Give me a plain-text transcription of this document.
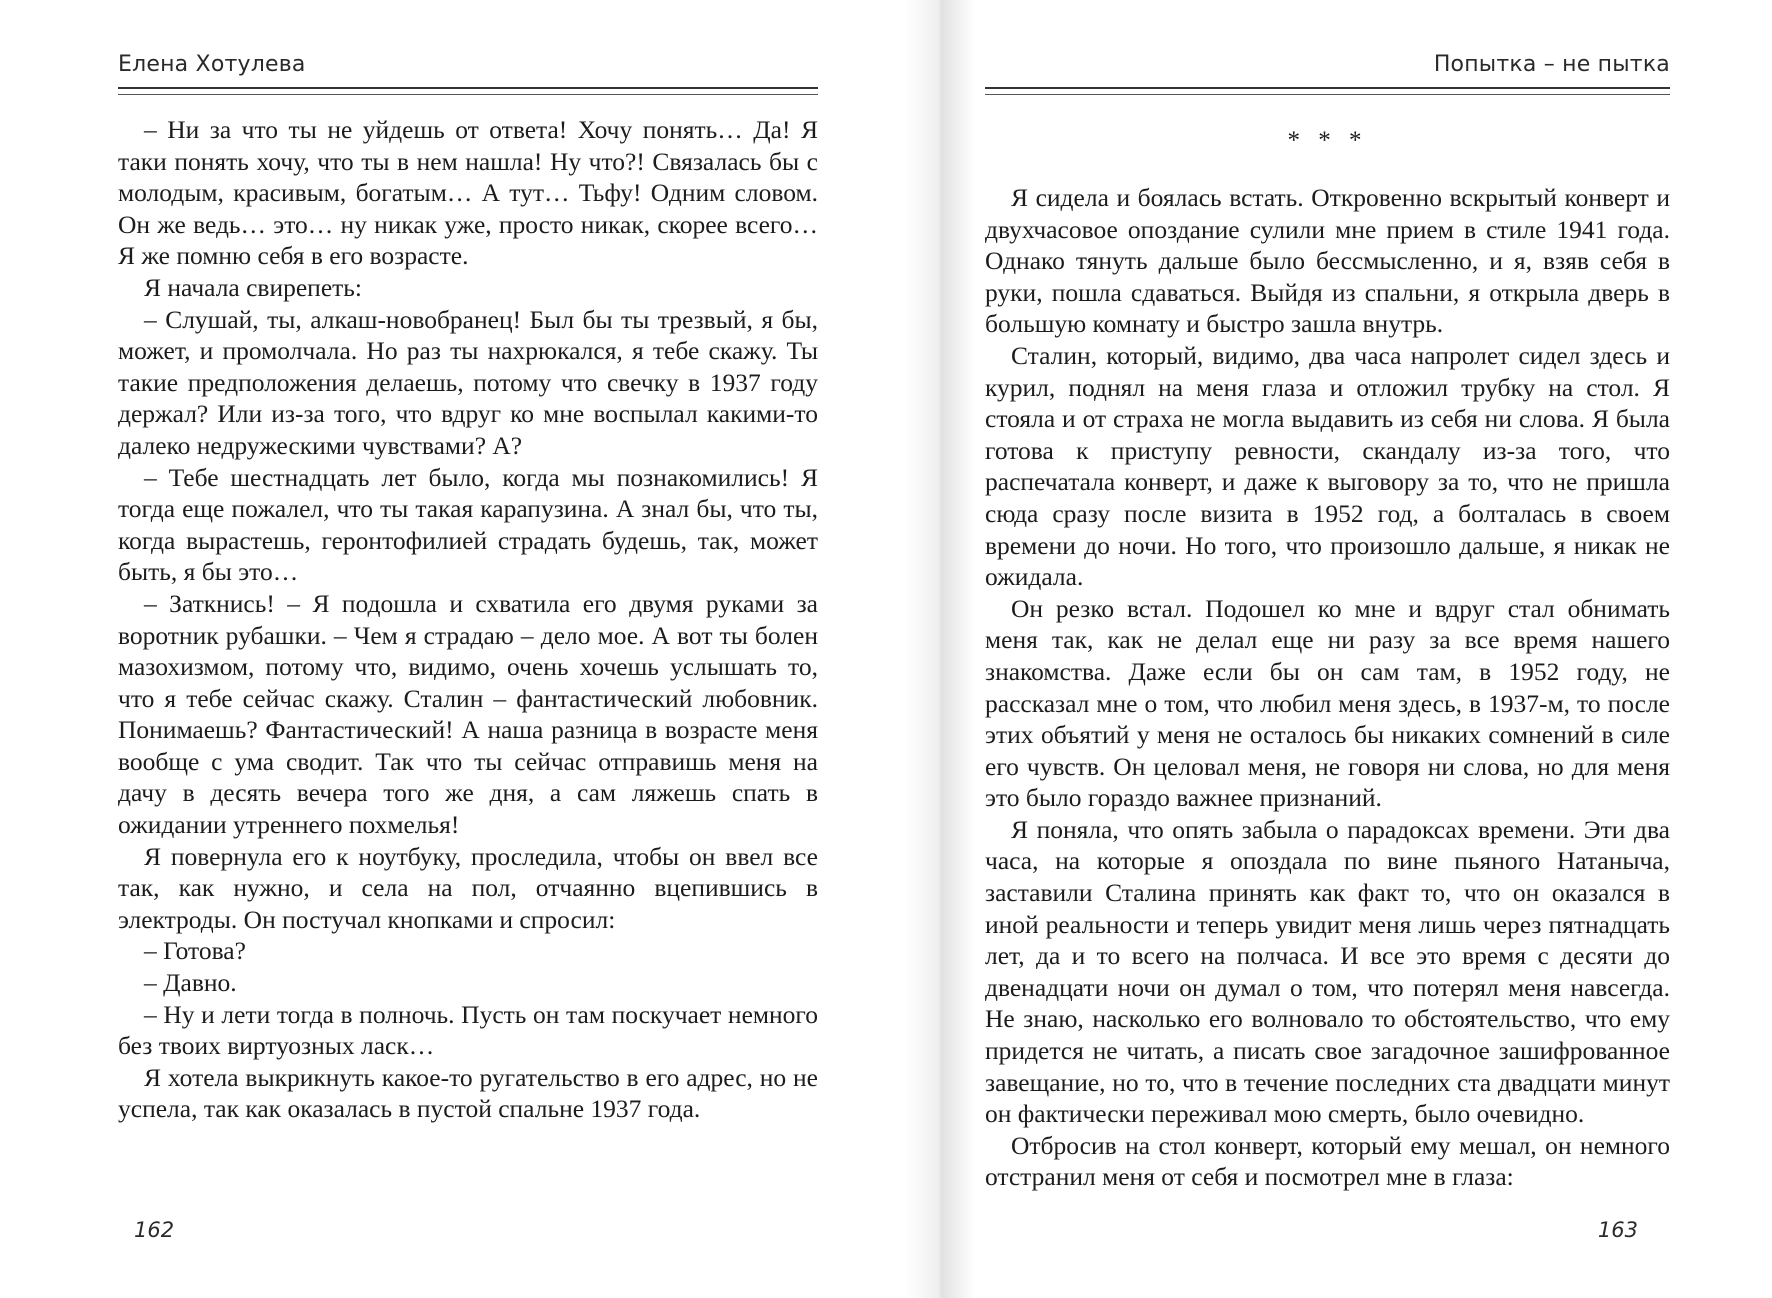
Елена Хотулева

– Ни за что ты не уйдешь от ответа! Хочу понять… Да! Я таки понять хочу, что ты в нем нашла! Ну что?! Связалась бы с молодым, красивым, богатым… А тут… Тьфу! Одним словом. Он же ведь… это… ну никак уже, просто никак, скорее всего… Я же помню себя в его возрасте.

Я начала свирепеть:

– Слушай, ты, алкаш-новобранец! Был бы ты трезвый, я бы, может, и промолчала. Но раз ты нахрюкался, я тебе скажу. Ты такие предположения делаешь, потому что свечку в 1937 году держал? Или из-за того, что вдруг ко мне воспылал какими-то далеко недружескими чувствами? А?

– Тебе шестнадцать лет было, когда мы познакомились! Я тогда еще пожалел, что ты такая карапузина. А знал бы, что ты, когда вырастешь, геронтофилией страдать будешь, так, может быть, я бы это…

– Заткнись! – Я подошла и схватила его двумя руками за воротник рубашки. – Чем я страдаю – дело мое. А вот ты болен мазохизмом, потому что, видимо, очень хочешь услышать то, что я тебе сейчас скажу. Сталин – фантастический любовник. Понимаешь? Фантастический! А наша разница в возрасте меня вообще с ума сводит. Так что ты сейчас отправишь меня на дачу в десять вечера того же дня, а сам ляжешь спать в ожидании утреннего похмелья!

Я повернула его к ноутбуку, проследила, чтобы он ввел все так, как нужно, и села на пол, отчаянно вцепившись в электроды. Он постучал кнопками и спросил:

– Готова?

– Давно.

– Ну и лети тогда в полночь. Пусть он там поскучает немного без твоих виртуозных ласк…

Я хотела выкрикнуть какое-то ругательство в его адрес, но не успела, так как оказалась в пустой спальне 1937 года.

162
Попытка – не пытка

* * *

Я сидела и боялась встать. Откровенно вскрытый конверт и двухчасовое опоздание сулили мне прием в стиле 1941 года. Однако тянуть дальше было бессмысленно, и я, взяв себя в руки, пошла сдаваться. Выйдя из спальни, я открыла дверь в большую комнату и быстро зашла внутрь.

Сталин, который, видимо, два часа напролет сидел здесь и курил, поднял на меня глаза и отложил трубку на стол. Я стояла и от страха не могла выдавить из себя ни слова. Я была готова к приступу ревности, скандалу из-за того, что распечатала конверт, и даже к выговору за то, что не пришла сюда сразу после визита в 1952 год, а болталась в своем времени до ночи. Но того, что произошло дальше, я никак не ожидала.

Он резко встал. Подошел ко мне и вдруг стал обнимать меня так, как не делал еще ни разу за все время нашего знакомства. Даже если бы он сам там, в 1952 году, не рассказал мне о том, что любил меня здесь, в 1937-м, то после этих объятий у меня не осталось бы никаких сомнений в силе его чувств. Он целовал меня, не говоря ни слова, но для меня это было гораздо важнее признаний.

Я поняла, что опять забыла о парадоксах времени. Эти два часа, на которые я опоздала по вине пьяного Натаныча, заставили Сталина принять как факт то, что он оказался в иной реальности и теперь увидит меня лишь через пятнадцать лет, да и то всего на полчаса. И все это время с десяти до двенадцати ночи он думал о том, что потерял меня навсегда. Не знаю, насколько его волновало то обстоятельство, что ему придется не читать, а писать свое загадочное зашифрованное завещание, но то, что в течение последних ста двадцати минут он фактически переживал мою смерть, было очевидно.

Отбросив на стол конверт, который ему мешал, он немного отстранил меня от себя и посмотрел мне в глаза:

163
